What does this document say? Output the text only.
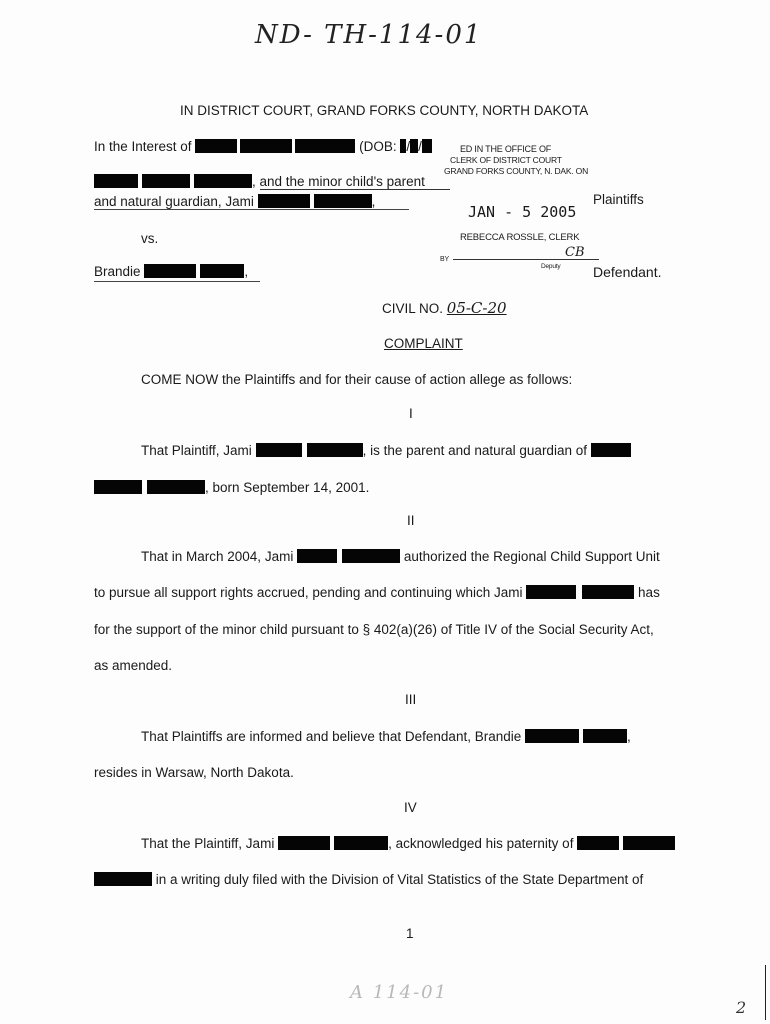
ND- TH-114-01
IN DISTRICT COURT, GRAND FORKS COUNTY, NORTH DAKOTA
In the Interest of	(DOB: / /	ED IN THE OFFICE OF
CLERK OF DISTRICT COURT
GRAND FORKS COUNTY, N. DAK. ON
, and the minor child's parent
and natural guardian, Jami	,	Plaintiffs
JAN - 5 2005
vs.	REBECCA ROSSLE, CLERK
BY	CB
Deputy
Brandie	,	Defendant.
CIVIL NO. 05-C-20
COMPLAINT
COME NOW the Plaintiffs and for their cause of action allege as follows:
I
That Plaintiff, Jami	, is the parent and natural guardian of
, born September 14, 2001.
II
That in March 2004, Jami	authorized the Regional Child Support Unit
to pursue all support rights accrued, pending and continuing which Jami	has
for the support of the minor child pursuant to § 402(a)(26) of Title IV of the Social Security Act,
as amended.
III
That Plaintiffs are informed and believe that Defendant, Brandie	,
resides in Warsaw, North Dakota.
IV
That the Plaintiff, Jami	, acknowledged his paternity of
in a writing duly filed with the Division of Vital Statistics of the State Department of
1
A 114-01
2
